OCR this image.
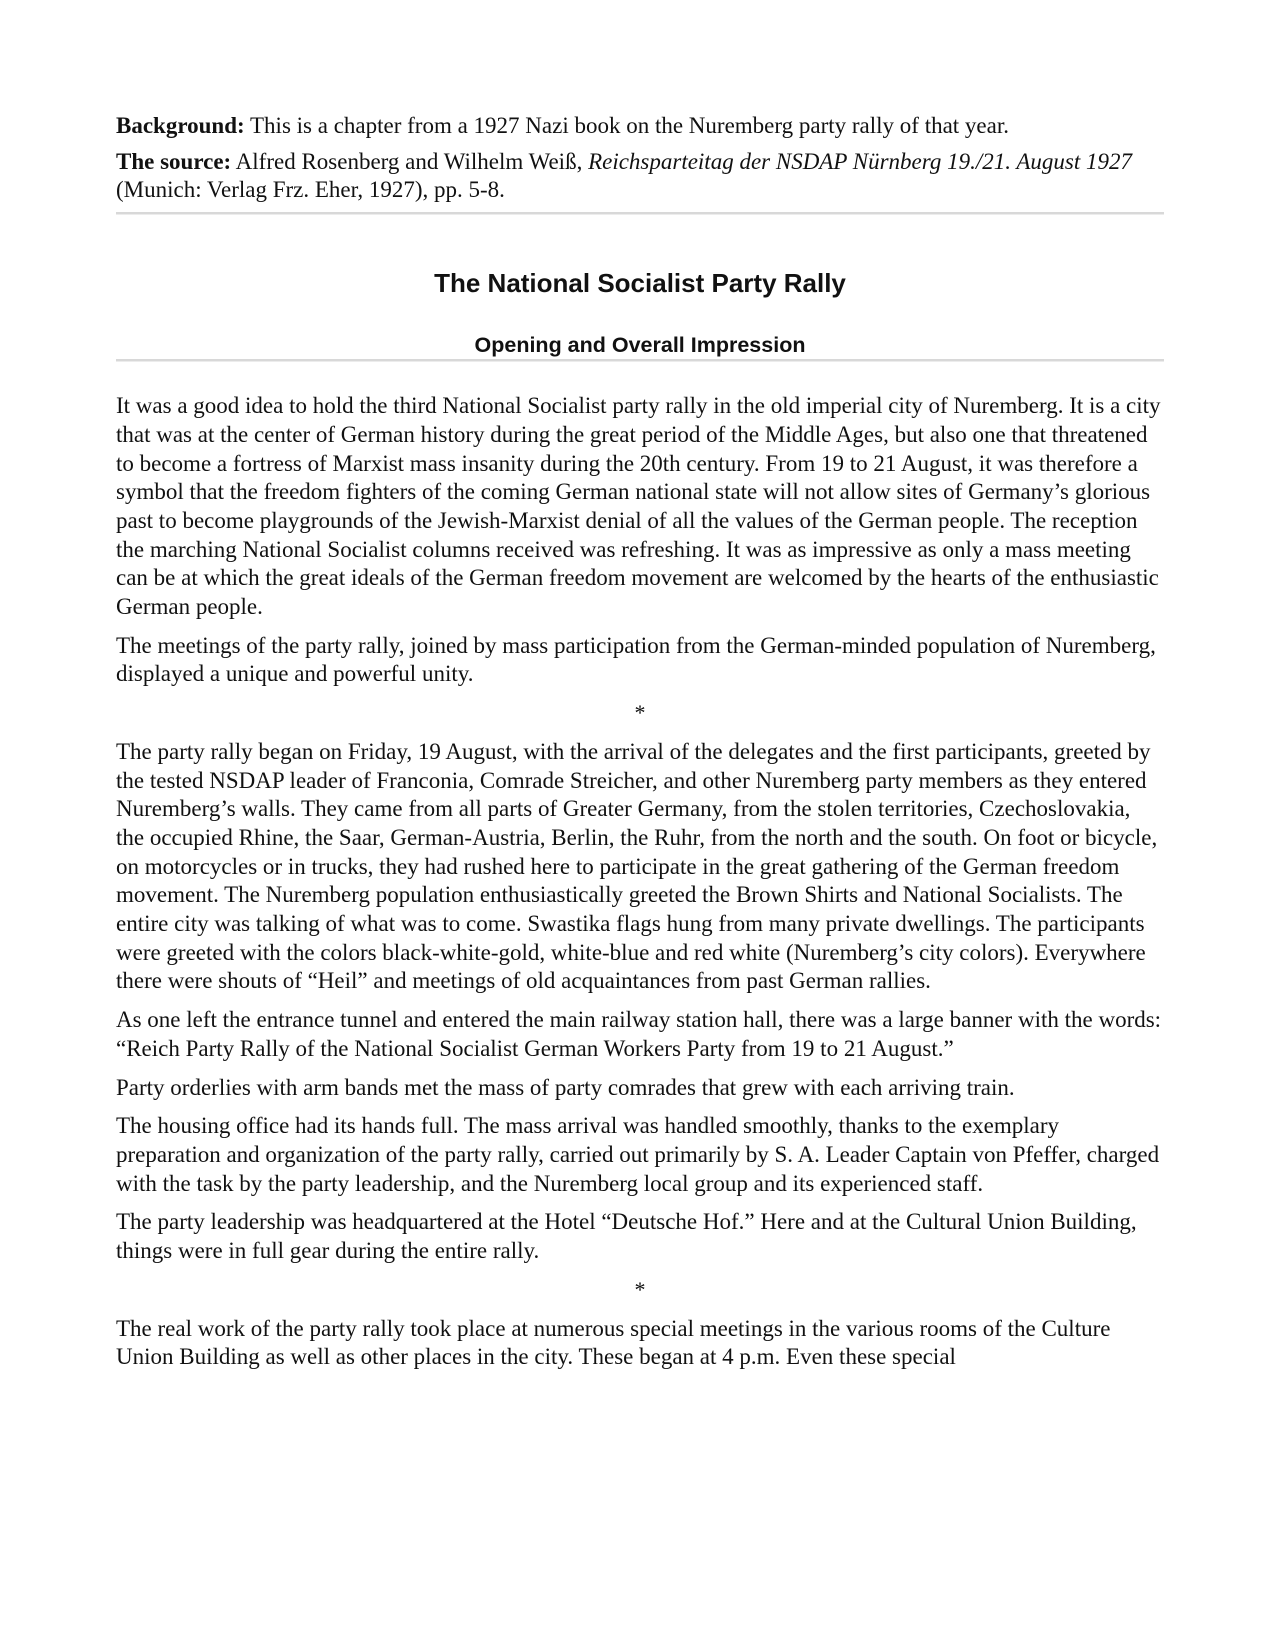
Background: This is a chapter from a 1927 Nazi book on the Nuremberg party rally of that year.

The source: Alfred Rosenberg and Wilhelm Weiß, Reichsparteitag der NSDAP Nürnberg 19./21. August 1927 (Munich: Verlag Frz. Eher, 1927), pp. 5-8.

The National Socialist Party Rally
Opening and Overall Impression

It was a good idea to hold the third National Socialist party rally in the old imperial city of Nuremberg. It is a city that was at the center of German history during the great period of the Middle Ages, but also one that threatened to become a fortress of Marxist mass insanity during the 20th century. From 19 to 21 August, it was therefore a symbol that the freedom fighters of the coming German national state will not allow sites of Germany’s glorious past to become playgrounds of the Jewish-Marxist denial of all the values of the German people. The reception the marching National Socialist columns received was refreshing. It was as impressive as only a mass meeting can be at which the great ideals of the German freedom movement are welcomed by the hearts of the enthusiastic German people.

The meetings of the party rally, joined by mass participation from the German-minded population of Nuremberg, displayed a unique and powerful unity.

*

The party rally began on Friday, 19 August, with the arrival of the delegates and the first participants, greeted by the tested NSDAP leader of Franconia, Comrade Streicher, and other Nuremberg party members as they entered Nuremberg’s walls. They came from all parts of Greater Germany, from the stolen territories, Czechoslovakia, the occupied Rhine, the Saar, German-Austria, Berlin, the Ruhr, from the north and the south. On foot or bicycle, on motorcycles or in trucks, they had rushed here to participate in the great gathering of the German freedom movement. The Nuremberg population enthusiastically greeted the Brown Shirts and National Socialists. The entire city was talking of what was to come. Swastika flags hung from many private dwellings. The participants were greeted with the colors black-white-gold, white-blue and red white (Nuremberg’s city colors). Everywhere there were shouts of “Heil” and meetings of old acquaintances from past German rallies.

As one left the entrance tunnel and entered the main railway station hall, there was a large banner with the words: “Reich Party Rally of the National Socialist German Workers Party from 19 to 21 August.”

Party orderlies with arm bands met the mass of party comrades that grew with each arriving train.

The housing office had its hands full. The mass arrival was handled smoothly, thanks to the exemplary preparation and organization of the party rally, carried out primarily by S. A. Leader Captain von Pfeffer, charged with the task by the party leadership, and the Nuremberg local group and its experienced staff.

The party leadership was headquartered at the Hotel “Deutsche Hof.” Here and at the Cultural Union Building, things were in full gear during the entire rally.

*

The real work of the party rally took place at numerous special meetings in the various rooms of the Culture Union Building as well as other places in the city. These began at 4 p.m. Even these special
